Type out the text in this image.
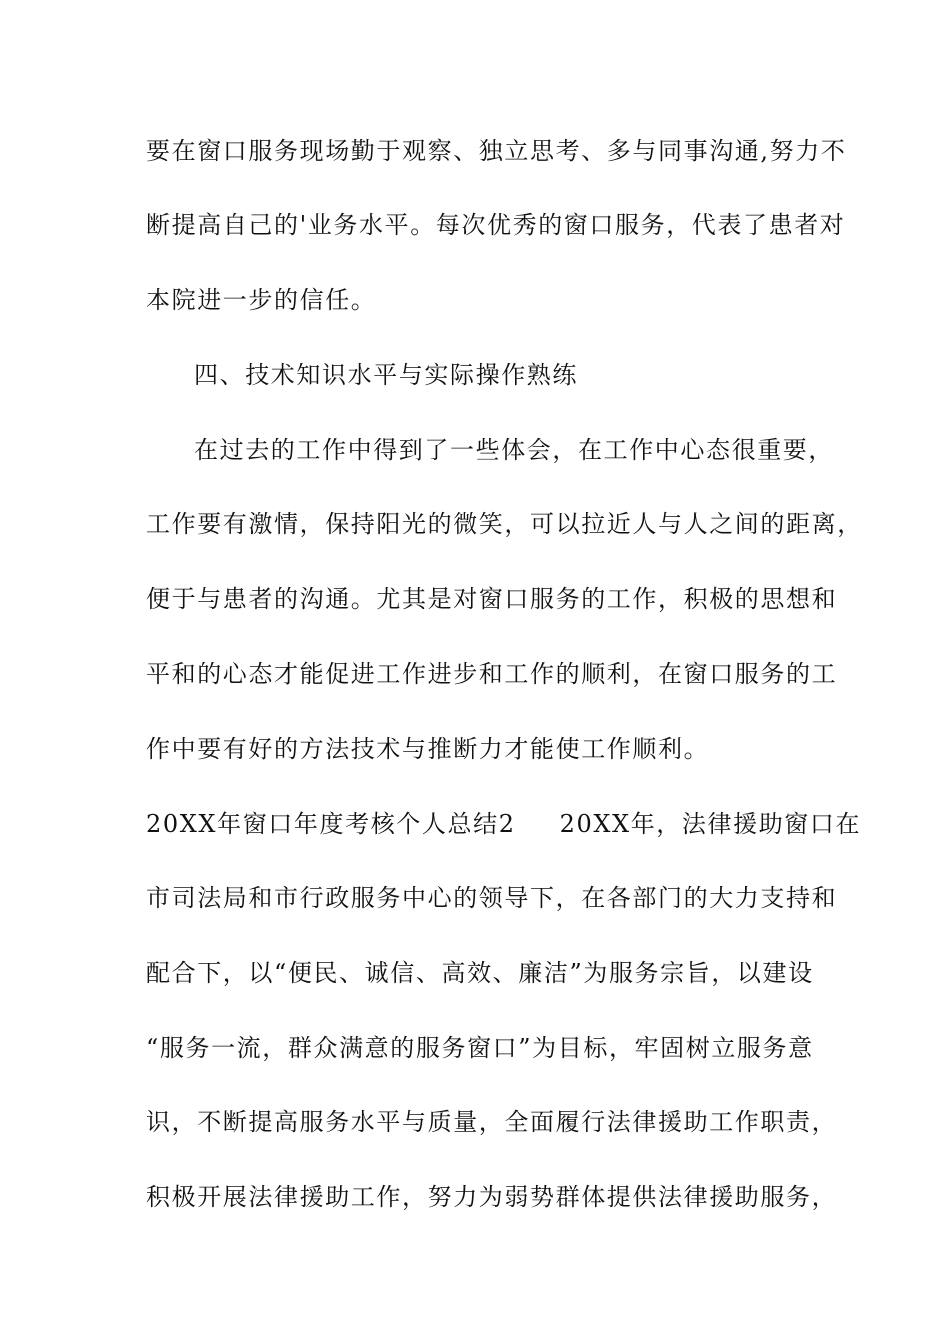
要在窗口服务现场勤于观察、独立思考、多与同事沟通,努力不
断提高自己的'业务水平。每次优秀的窗口服务，代表了患者对
本院进一步的信任。
四、技术知识水平与实际操作熟练
在过去的工作中得到了一些体会，在工作中心态很重要，
工作要有激情，保持阳光的微笑，可以拉近人与人之间的距离，
便于与患者的沟通。尤其是对窗口服务的工作，积极的思想和
平和的心态才能促进工作进步和工作的顺利，在窗口服务的工
作中要有好的方法技术与推断力才能使工作顺利。
20XX年窗口年度考核个人总结2 20XX年，法律援助窗口在
市司法局和市行政服务中心的领导下，在各部门的大力支持和
配合下，以“便民、诚信、高效、廉洁”为服务宗旨，以建设
“服务一流，群众满意的服务窗口”为目标，牢固树立服务意
识，不断提高服务水平与质量，全面履行法律援助工作职责，
积极开展法律援助工作，努力为弱势群体提供法律援助服务，
